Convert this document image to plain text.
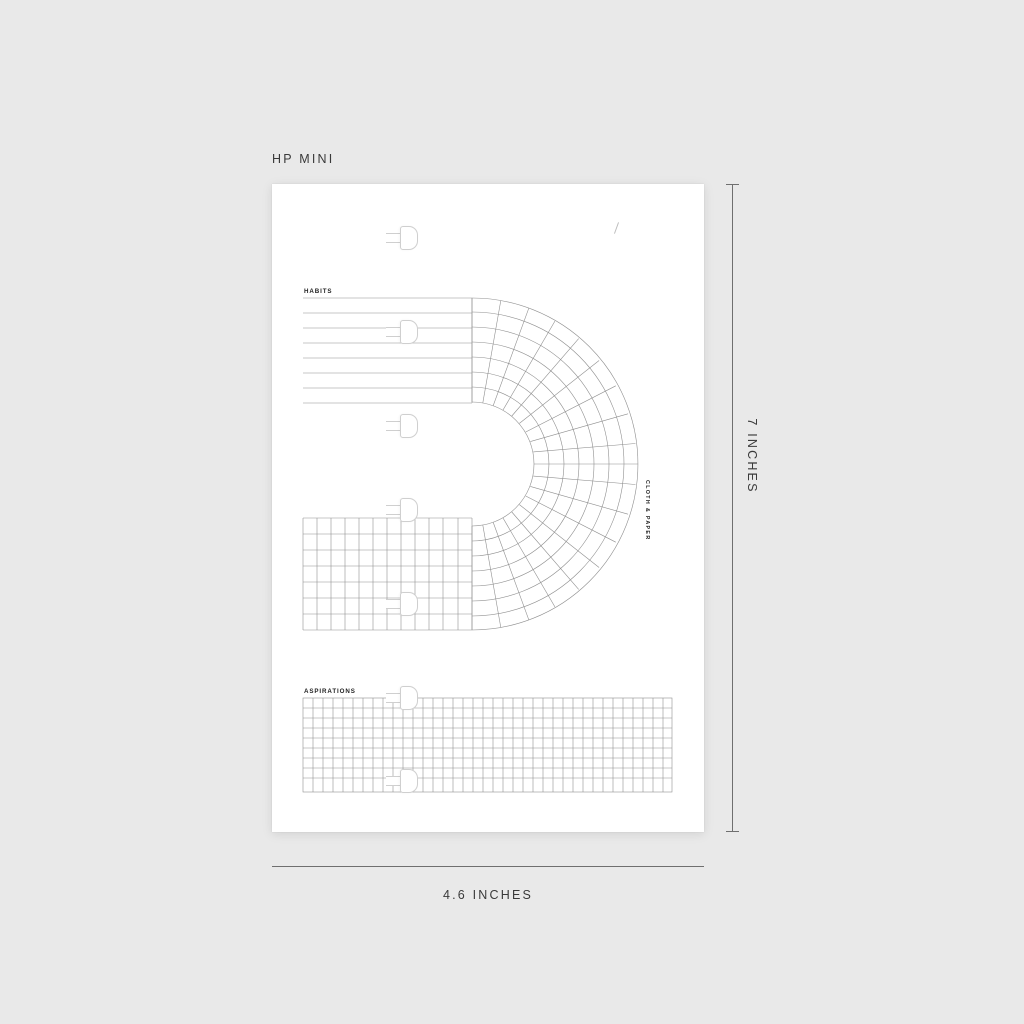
HP MINI
HABITS
ASPIRATIONS
CLOTH & PAPER
7 INCHES
4.6 INCHES
